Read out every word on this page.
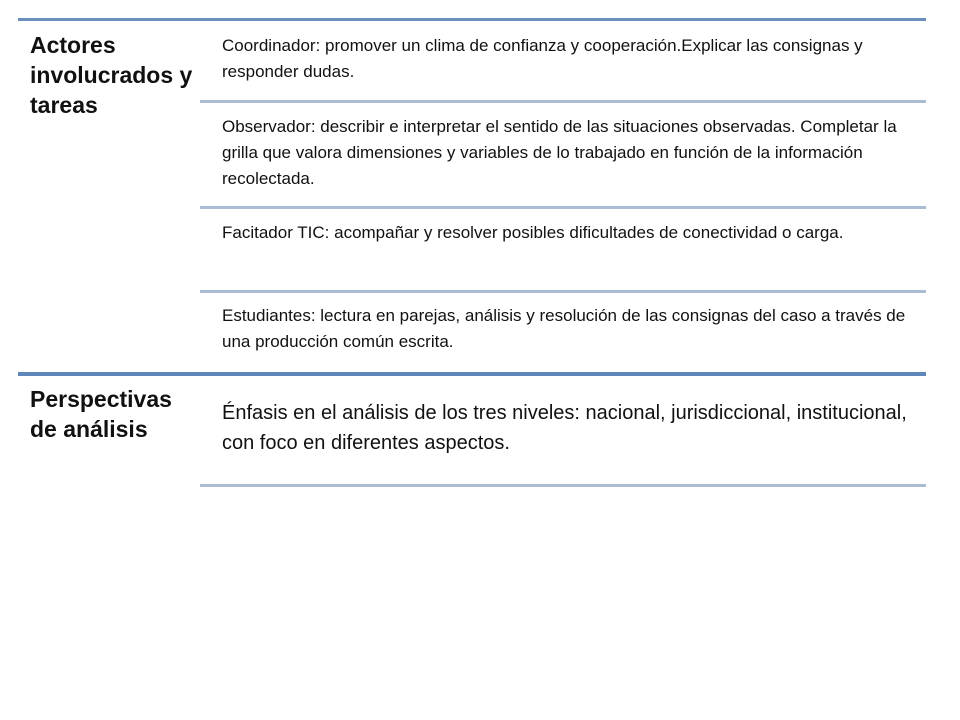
Actores involucrados y tareas
Coordinador: promover un clima de confianza y cooperación.Explicar las consignas y responder dudas.
Observador: describir e interpretar el sentido de las situaciones observadas. Completar la grilla que valora dimensiones y variables de lo trabajado en función de la información recolectada.
Facitador TIC: acompañar y resolver posibles dificultades de conectividad o carga.
Estudiantes: lectura en parejas, análisis y resolución de las consignas del caso a través de una producción común escrita.
Perspectivas de análisis
Énfasis en el análisis de los tres niveles: nacional, jurisdiccional, institucional, con foco en diferentes aspectos.
